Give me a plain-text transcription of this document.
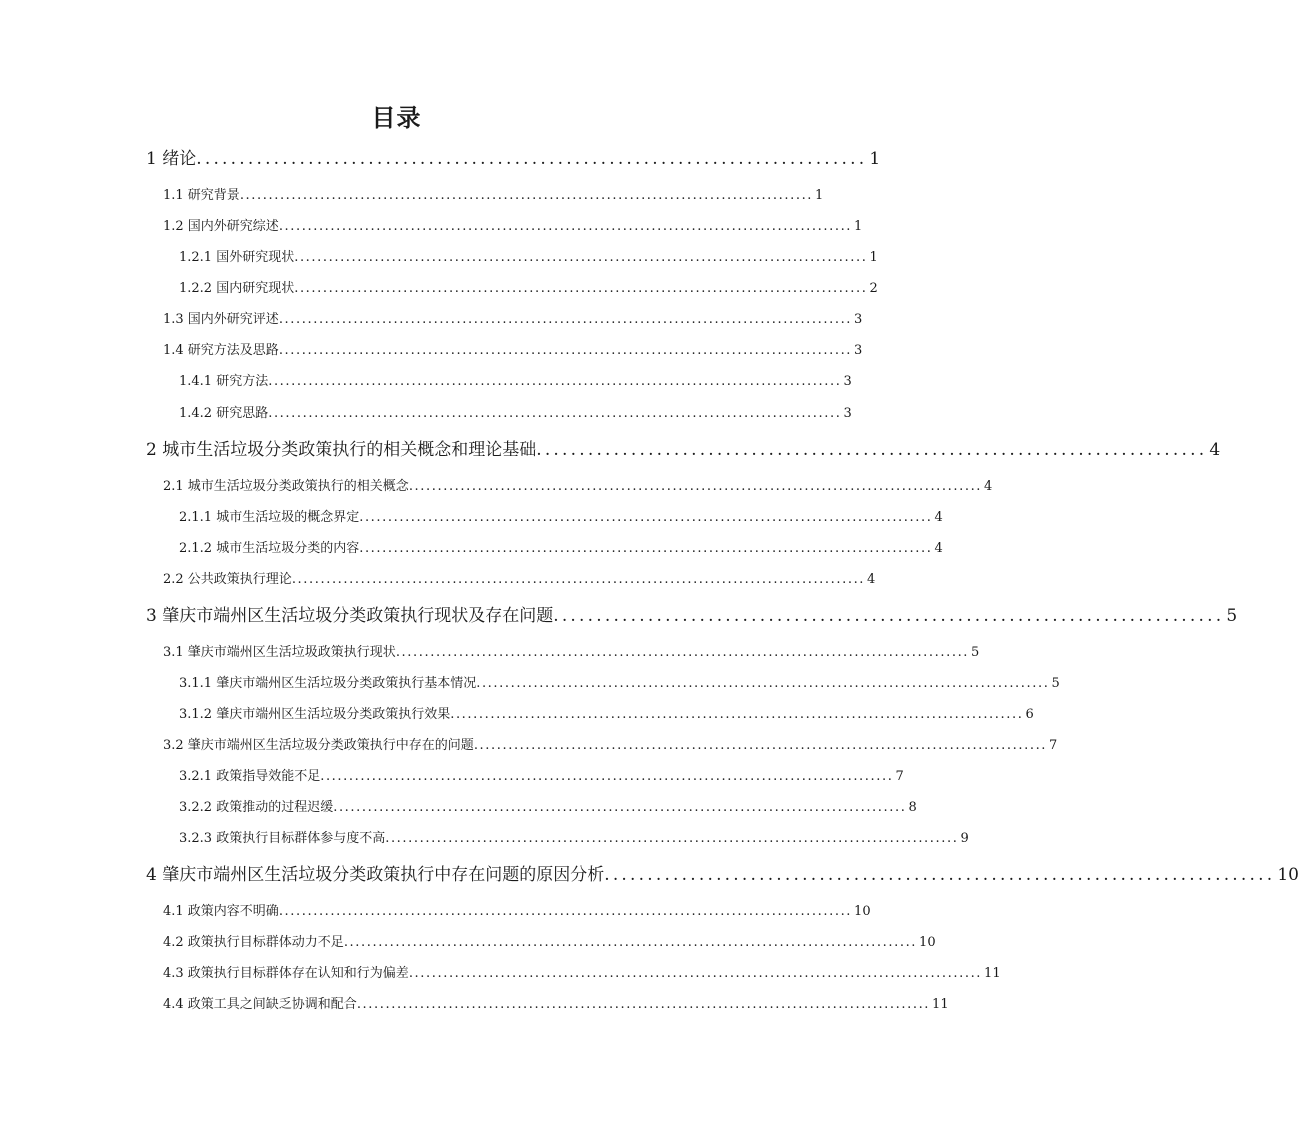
目录
1 绪论 .............................................................................. 1
1.1 研究背景 .................................................................................................... 1
1.2 国内外研究综述 .................................................................................................... 1
1.2.1 国外研究现状 .................................................................................................... 1
1.2.2 国内研究现状 .................................................................................................... 2
1.3 国内外研究评述 .................................................................................................... 3
1.4 研究方法及思路 .................................................................................................... 3
1.4.1 研究方法 .................................................................................................... 3
1.4.2 研究思路 .................................................................................................... 3
2 城市生活垃圾分类政策执行的相关概念和理论基础 .............................................................................. 4
2.1 城市生活垃圾分类政策执行的相关概念 .................................................................................................... 4
2.1.1 城市生活垃圾的概念界定 .................................................................................................... 4
2.1.2 城市生活垃圾分类的内容 .................................................................................................... 4
2.2 公共政策执行理论 .................................................................................................... 4
3 肇庆市端州区生活垃圾分类政策执行现状及存在问题 .............................................................................. 5
3.1 肇庆市端州区生活垃圾政策执行现状 .................................................................................................... 5
3.1.1 肇庆市端州区生活垃圾分类政策执行基本情况 .................................................................................................... 5
3.1.2 肇庆市端州区生活垃圾分类政策执行效果 .................................................................................................... 6
3.2 肇庆市端州区生活垃圾分类政策执行中存在的问题 .................................................................................................... 7
3.2.1 政策指导效能不足 .................................................................................................... 7
3.2.2 政策推动的过程迟缓 .................................................................................................... 8
3.2.3 政策执行目标群体参与度不高 .................................................................................................... 9
4 肇庆市端州区生活垃圾分类政策执行中存在问题的原因分析 .............................................................................. 10
4.1 政策内容不明确 .................................................................................................... 10
4.2 政策执行目标群体动力不足 .................................................................................................... 10
4.3 政策执行目标群体存在认知和行为偏差 .................................................................................................... 11
4.4 政策工具之间缺乏协调和配合 .................................................................................................... 11
